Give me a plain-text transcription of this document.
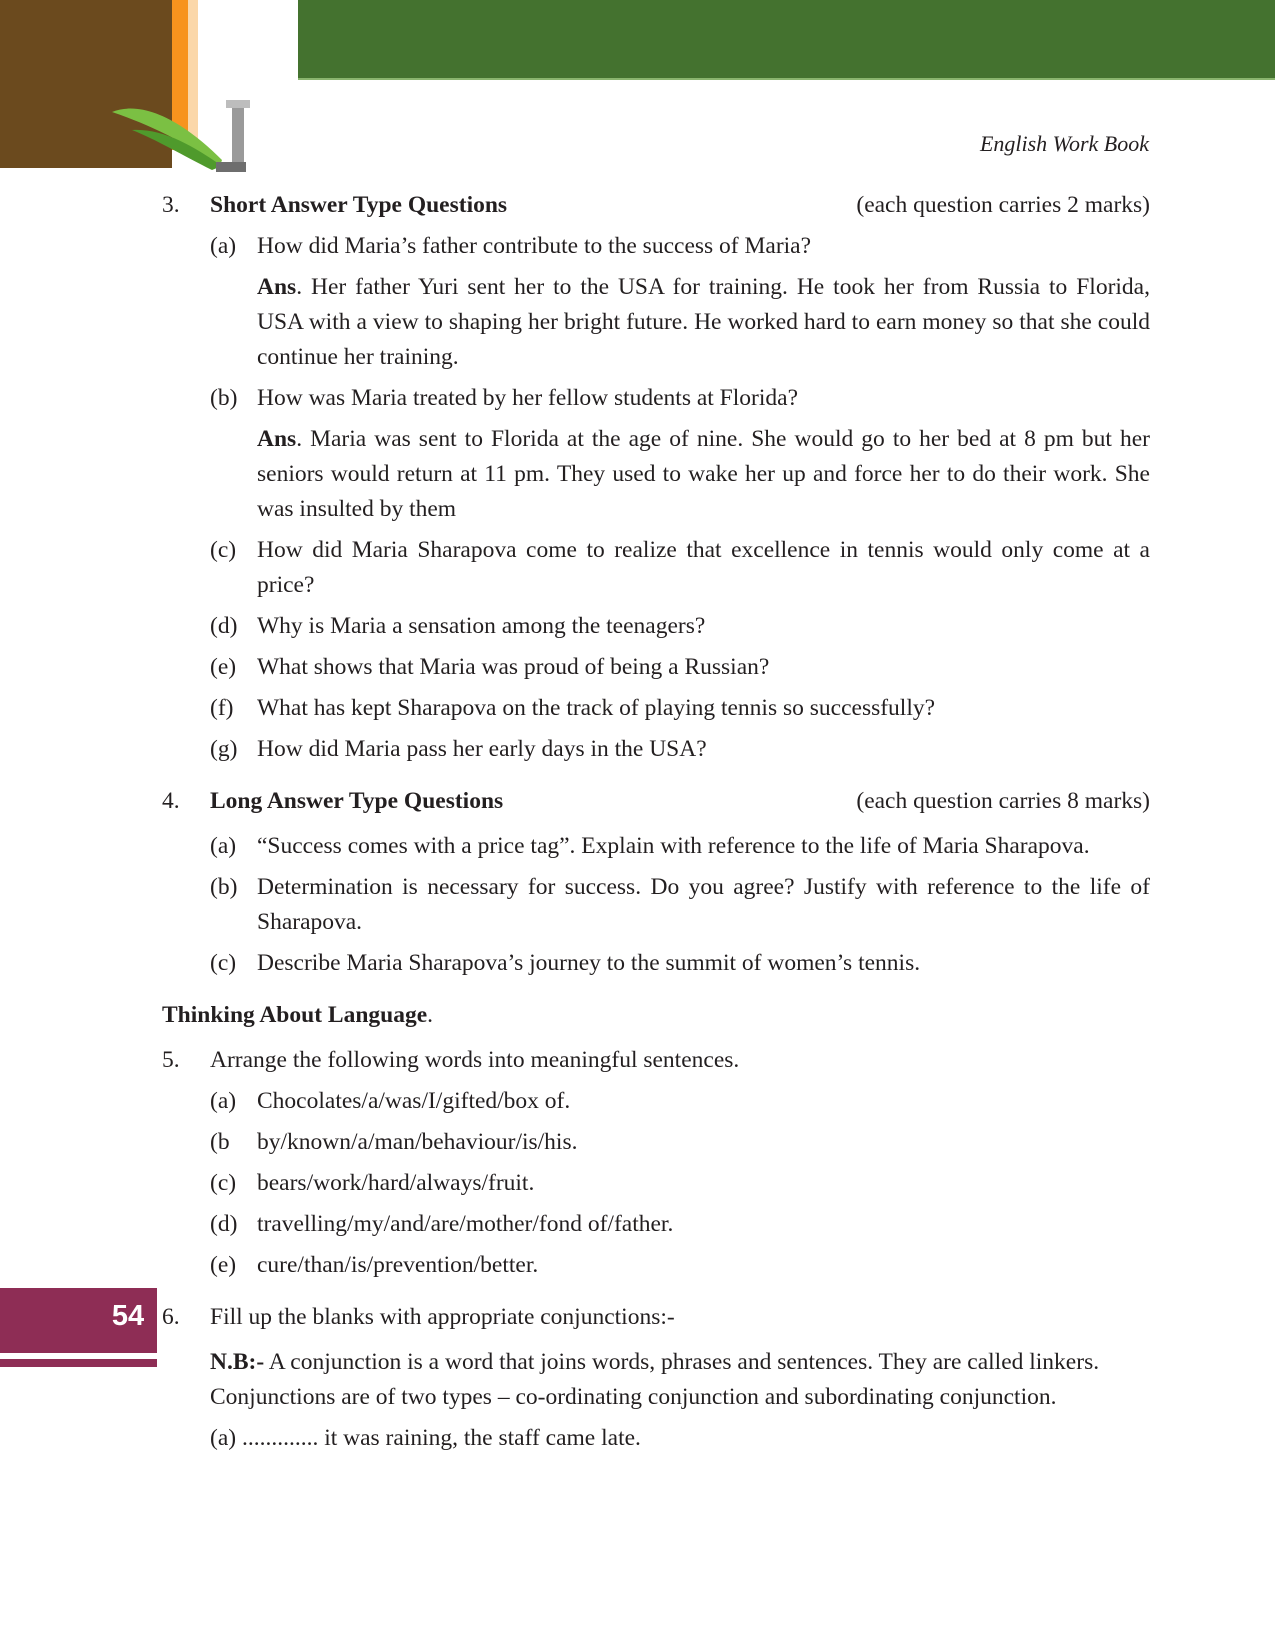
English Work Book
3.	Short Answer Type Questions	(each question carries 2 marks)
(a) How did Maria’s father contribute to the success of Maria?
Ans. Her father Yuri sent her to the USA for training. He took her from Russia to Florida, USA with a view to shaping her bright future. He worked hard to earn money so that she could continue her training.
(b) How was Maria treated by her fellow students at Florida?
Ans. Maria was sent to Florida at the age of nine. She would go to her bed at 8 pm but her seniors would return at 11 pm. They used to wake her up and force her to do their work. She was insulted by them
(c) How did Maria Sharapova come to realize that excellence in tennis would only come at a price?
(d) Why is Maria a sensation among the teenagers?
(e) What shows that Maria was proud of being a Russian?
(f)	What has kept Sharapova on the track of playing tennis so successfully?
(g) How did Maria pass her early days in the USA?
4.	Long Answer Type Questions	(each question carries 8 marks)
(a) “Success comes with a price tag”. Explain with reference to the life of Maria Sharapova.
(b) Determination is necessary for success. Do you agree? Justify with reference to the life of Sharapova.
(c) Describe Maria Sharapova’s journey to the summit of women’s tennis.
Thinking About Language.
5.	Arrange the following words into meaningful sentences.
(a) Chocolates/a/was/I/gifted/box of.
(b	by/known/a/man/behaviour/is/his.
(c) bears/work/hard/always/fruit.
(d) travelling/my/and/are/mother/fond of/father.
(e) cure/than/is/prevention/better.
6.	Fill up the blanks with appropriate conjunctions:-
N.B:- A conjunction is a word that joins words, phrases and sentences. They are called linkers. Conjunctions are of two types – co-ordinating conjunction and subordinating conjunction.
(a) ............. it was raining, the staff came late.
54
